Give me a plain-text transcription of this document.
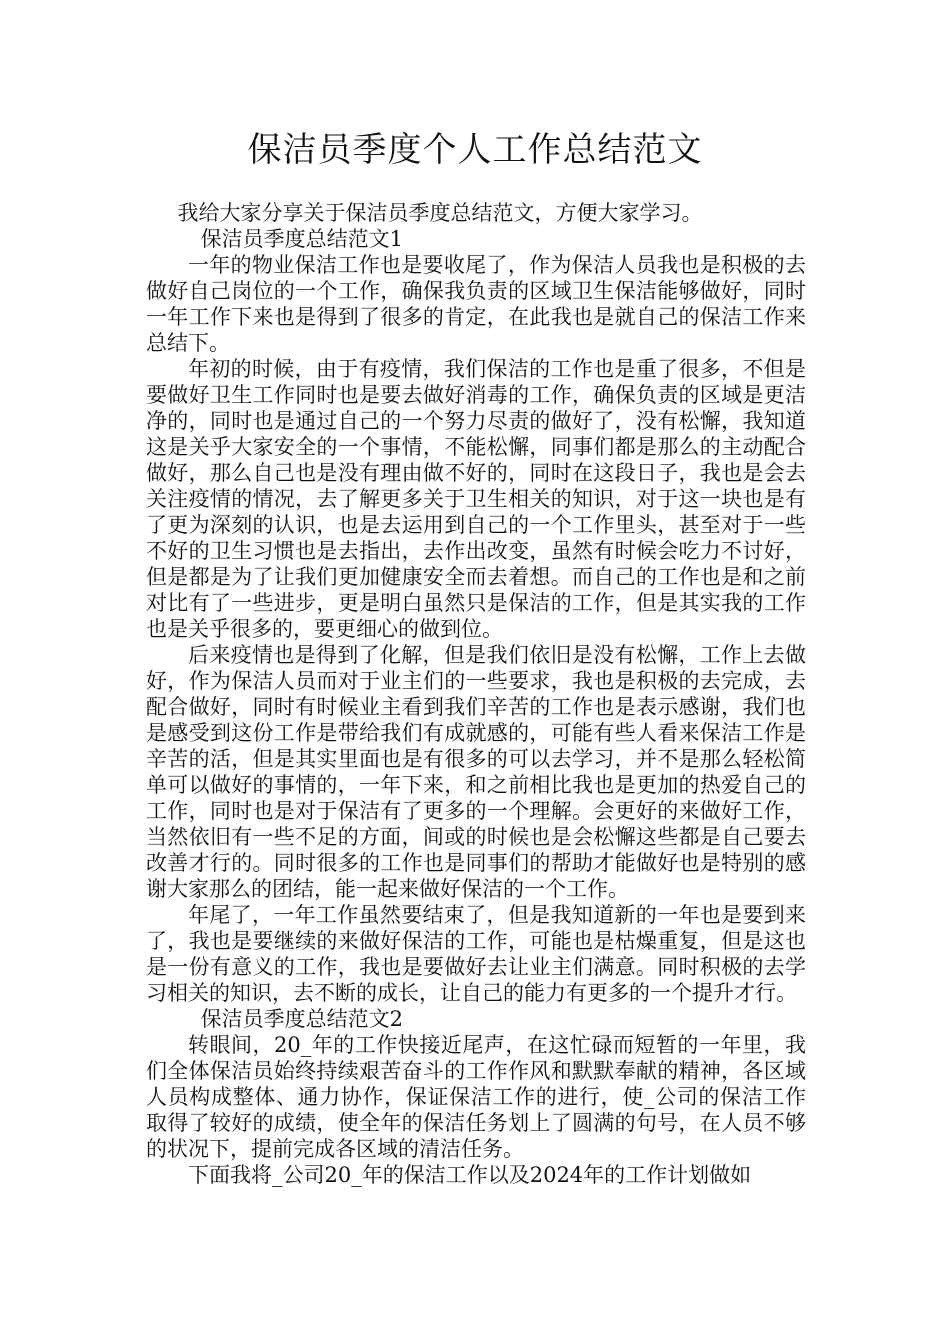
保洁员季度个人工作总结范文

我给大家分享关于保洁员季度总结范文，方便大家学习。

保洁员季度总结范文1

一年的物业保洁工作也是要收尾了，作为保洁人员我也是积极的去做好自己岗位的一个工作，确保我负责的区域卫生保洁能够做好，同时一年工作下来也是得到了很多的肯定，在此我也是就自己的保洁工作来总结下。

年初的时候，由于有疫情，我们保洁的工作也是重了很多，不但是要做好卫生工作同时也是要去做好消毒的工作，确保负责的区域是更洁净的，同时也是通过自己的一个努力尽责的做好了，没有松懈，我知道这是关乎大家安全的一个事情，不能松懈，同事们都是那么的主动配合做好，那么自己也是没有理由做不好的，同时在这段日子，我也是会去关注疫情的情况，去了解更多关于卫生相关的知识，对于这一块也是有了更为深刻的认识，也是去运用到自己的一个工作里头，甚至对于一些不好的卫生习惯也是去指出，去作出改变，虽然有时候会吃力不讨好，但是都是为了让我们更加健康安全而去着想。而自己的工作也是和之前对比有了一些进步，更是明白虽然只是保洁的工作，但是其实我的工作也是关乎很多的，要更细心的做到位。

后来疫情也是得到了化解，但是我们依旧是没有松懈，工作上去做好，作为保洁人员而对于业主们的一些要求，我也是积极的去完成，去配合做好，同时有时候业主看到我们辛苦的工作也是表示感谢，我们也是感受到这份工作是带给我们有成就感的，可能有些人看来保洁工作是辛苦的活，但是其实里面也是有很多的可以去学习，并不是那么轻松简单可以做好的事情的，一年下来，和之前相比我也是更加的热爱自己的工作，同时也是对于保洁有了更多的一个理解。会更好的来做好工作，当然依旧有一些不足的方面，间或的时候也是会松懈这些都是自己要去改善才行的。同时很多的工作也是同事们的帮助才能做好也是特别的感谢大家那么的团结，能一起来做好保洁的一个工作。

年尾了，一年工作虽然要结束了，但是我知道新的一年也是要到来了，我也是要继续的来做好保洁的工作，可能也是枯燥重复，但是这也是一份有意义的工作，我也是要做好去让业主们满意。同时积极的去学习相关的知识，去不断的成长，让自己的能力有更多的一个提升才行。

保洁员季度总结范文2

转眼间，20_年的工作快接近尾声，在这忙碌而短暂的一年里，我们全体保洁员始终持续艰苦奋斗的工作作风和默默奉献的精神，各区域人员构成整体、通力协作，保证保洁工作的进行，使_公司的保洁工作取得了较好的成绩，使全年的保洁任务划上了圆满的句号，在人员不够的状况下，提前完成各区域的清洁任务。

下面我将_公司20_年的保洁工作以及2024年的工作计划做如
